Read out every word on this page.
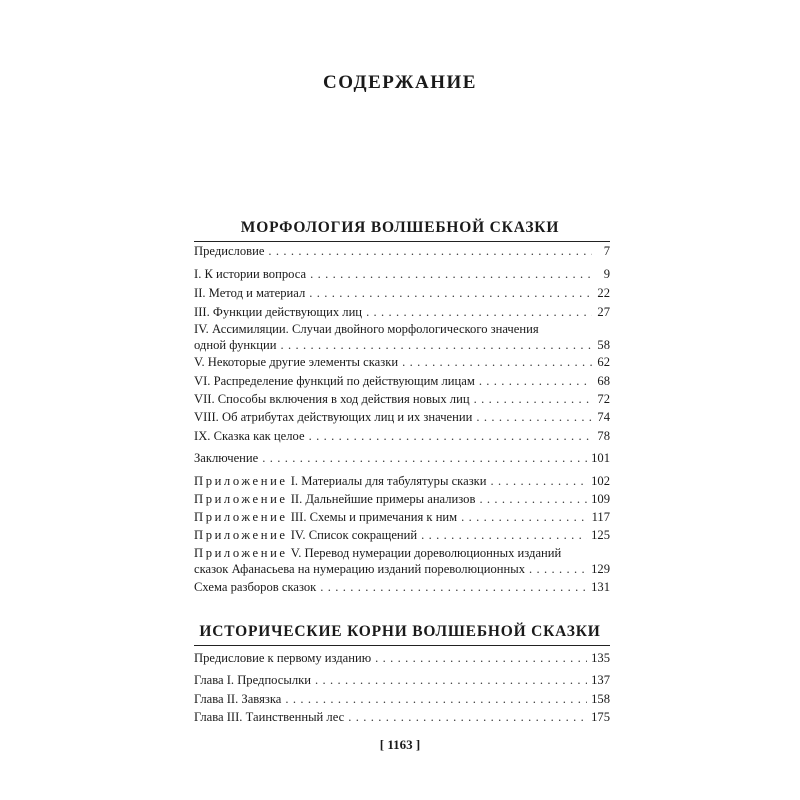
СОДЕРЖАНИЕ
МОРФОЛОГИЯ ВОЛШЕБНОЙ СКАЗКИ
Предисловие . . .	7
I. К истории вопроса . . .	9
II. Метод и материал . . .	22
III. Функции действующих лиц . . .	27
IV. Ассимиляции. Случаи двойного морфологического значения
одной функции . . .	58
V. Некоторые другие элементы сказки . . .	62
VI. Распределение функций по действующим лицам . . .	68
VII. Способы включения в ход действия новых лиц . . .	72
VIII. Об атрибутах действующих лиц и их значении . . .	74
IX. Сказка как целое . . .	78
Заключение . . .	101
Приложение I. Материалы для табулятуры сказки . . .	102
Приложение II. Дальнейшие примеры анализов . . .	109
Приложение III. Схемы и примечания к ним . . .	117
Приложение IV. Список сокращений . . .	125
Приложение V. Перевод нумерации дореволюционных изданий
сказок Афанасьева на нумерацию изданий пореволюционных . . .	129
Схема разборов сказок . . .	131
ИСТОРИЧЕСКИЕ КОРНИ ВОЛШЕБНОЙ СКАЗКИ
Предисловие к первому изданию . . .	135
Глава I. Предпосылки . . .	137
Глава II. Завязка . . .	158
Глава III. Таинственный лес . . .	175
[ 1163 ]
